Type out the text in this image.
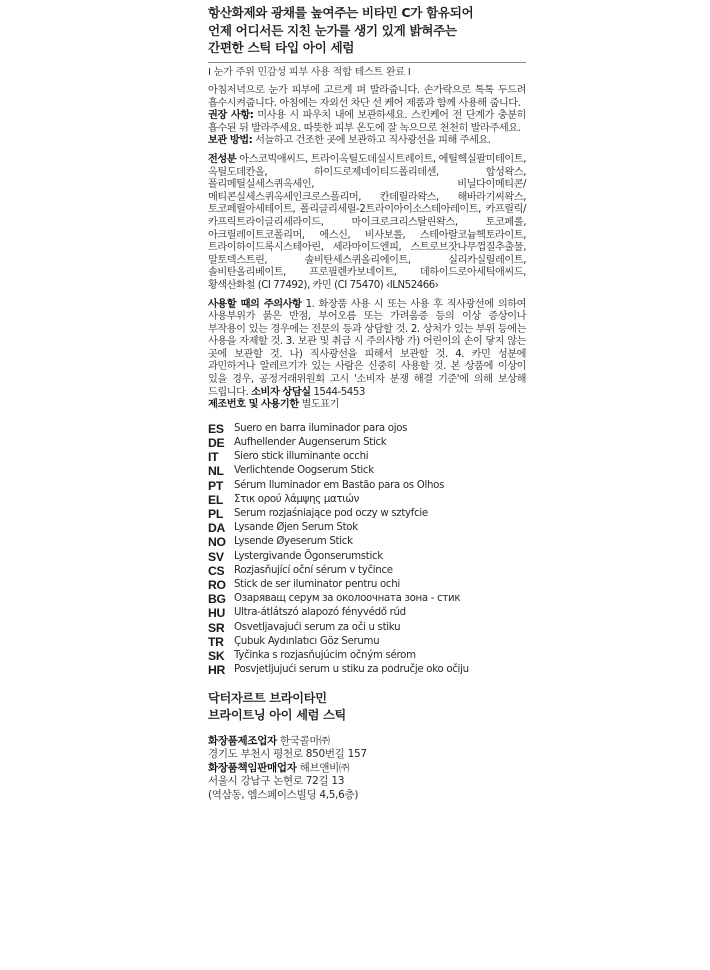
항산화제와 광채를 높여주는 비타민 C가 함유되어
언제 어디서든 지친 눈가를 생기 있게 밝혀주는
간편한 스틱 타입 아이 세럼
I 눈가 주위 민감성 피부 사용 적합 테스트 완료 I
아침저녁으로 눈가 피부에 고르게 펴 발라줍니다. 손가락으로 톡톡 두드려 흡수시켜줍니다. 아침에는 자외선 차단 선 케어 제품과 함께 사용해 줍니다.
권장 사항: 미사용 시 파우치 내에 보관하세요. 스킨케어 전 단계가 충분히 흡수된 뒤 발라주세요. 따뜻한 피부 온도에 잘 녹으므로 천천히 발라주세요.
보관 방법: 서늘하고 건조한 곳에 보관하고 직사광선을 피해 주세요.
전성분 아스코빅애씨드, 트라이옥틸도데실시트레이트, 에틸헥실팔미테이트, 옥틸도데칸올, 하이드로제네이티드폴리데센, 합성왁스, 폴리메틸실세스퀴옥세인, 비닐다이메티콘/메티콘실세스퀴옥세인크로스폴리머, 칸데릴라왁스, 해바라기씨왁스, 토코페릴아세테이트, 폴리글리세릴-2트라이아이소스테아레이트, 카프릴릭/카프릭트라이글리세라이드, 마이크로크리스탈린왁스, 토코페롤, 아크릴레이트코폴리머, 에스신, 비사보롤, 스테아랄코늄헥토라이트, 트라이하이드록시스테아린, 세라마이드엔피, 스트로브잣나무껍질추출물, 말토덱스트린, 솔비탄세스퀴올리에이트, 실리카실릴레이트, 솔비탄올리베이트, 프로필렌카보네이트, 데하이드로아세틱애씨드, 황색산화철 (CI 77492), 카민 (CI 75470) ‹ILN52466›
사용할 때의 주의사항 1. 화장품 사용 시 또는 사용 후 직사광선에 의하여 사용부위가 붉은 반점, 부어오름 또는 가려움증 등의 이상 증상이나 부작용이 있는 경우에는 전문의 등과 상담할 것. 2. 상처가 있는 부위 등에는 사용을 자제할 것. 3. 보관 및 취급 시 주의사항 가) 어린이의 손이 닿지 않는 곳에 보관할 것. 나) 직사광선을 피해서 보관할 것. 4. 카민 성분에 과민하거나 알레르기가 있는 사람은 신중히 사용할 것. 본 상품에 이상이 있을 경우, 공정거래위원회 고시 '소비자 분쟁 해결 기준'에 의해 보상해 드립니다. 소비자 상담실 1544-5453
제조번호 및 사용기한 별도표기
ES	Suero en barra iluminador para ojos
DE Aufhellender Augenserum Stick
IT	Siero stick illuminante occhi
NL	Verlichtende Oogserum Stick
PT	Sérum Iluminador em Bastão para os Olhos
EL	Στικ ορού λάμψης ματιών
PL	Serum rozjaśniające pod oczy w sztyfcie
DA Lysande Øjen Serum Stok
NO Lysende Øyeserum Stick
SV	Lystergivande Ögonserumstick
CS Rozjasňující oční sérum v tyčince
RO Stick de ser iluminator pentru ochi
BG Озаряващ серум за околоочната зона - стик
HU Ultra-átlátszó alapozó fényvédő rúd
SR Osvetljavajući serum za oči u stiku
TR	Çubuk Aydınlatıcı Göz Serumu
SK Tyčinka s rozjasňujúcim očným sérom
HR Posvjetljujući serum u stiku za područje oko očiju
닥터자르트 브라이타민
브라이트닝 아이 세럼 스틱
화장품제조업자 한국콜마㈜
경기도 부천시 평천로 850번길 157
화장품책임판매업자 해브앤비㈜
서울시 강남구 논현로 72길 13
(역삼동, 엠스페이스빌딩 4,5,6층)
